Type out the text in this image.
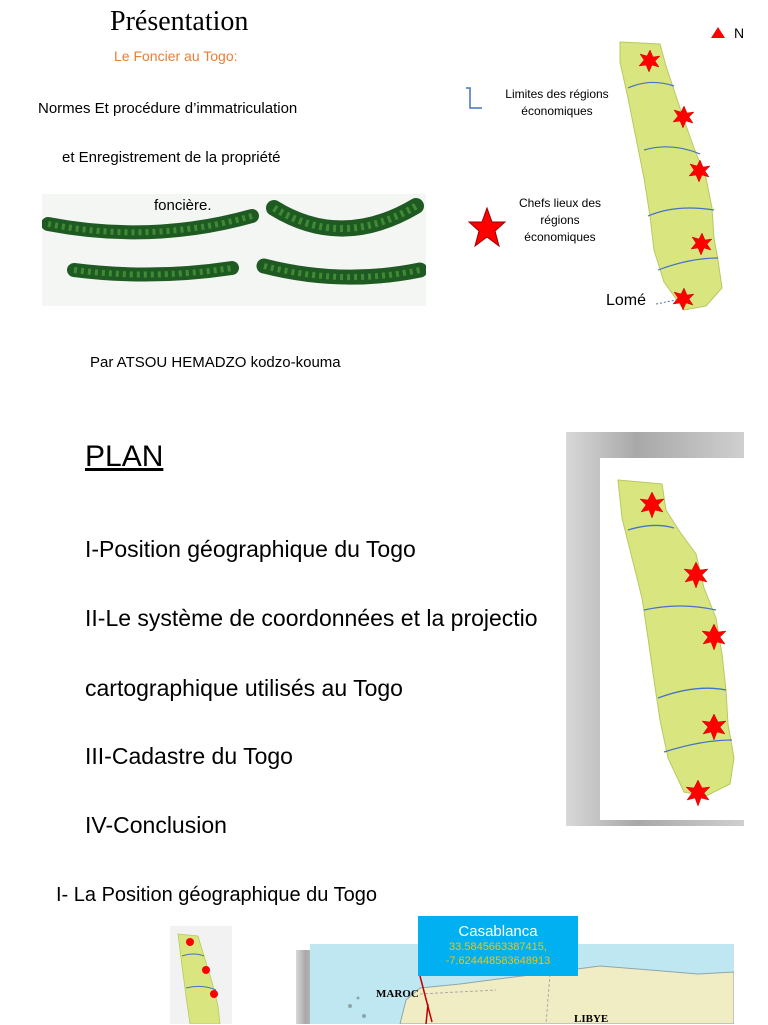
Présentation
Le Foncier au Togo:
Normes Et procédure d’immatriculation
et Enregistrement de la propriété
foncière.
Par ATSOU HEMADZO kodzo-kouma
Limites des régions économiques
Chefs lieux des régions économiques
N
Lomé
PLAN
I-Position géographique du Togo
II-Le système de coordonnées et la projectio
cartographique utilisés au Togo
III-Cadastre du Togo
IV-Conclusion
I- La Position géographique du Togo
MAROC
LIBYE
Casablanca
33.5845663387415,
-7.624448583648913
